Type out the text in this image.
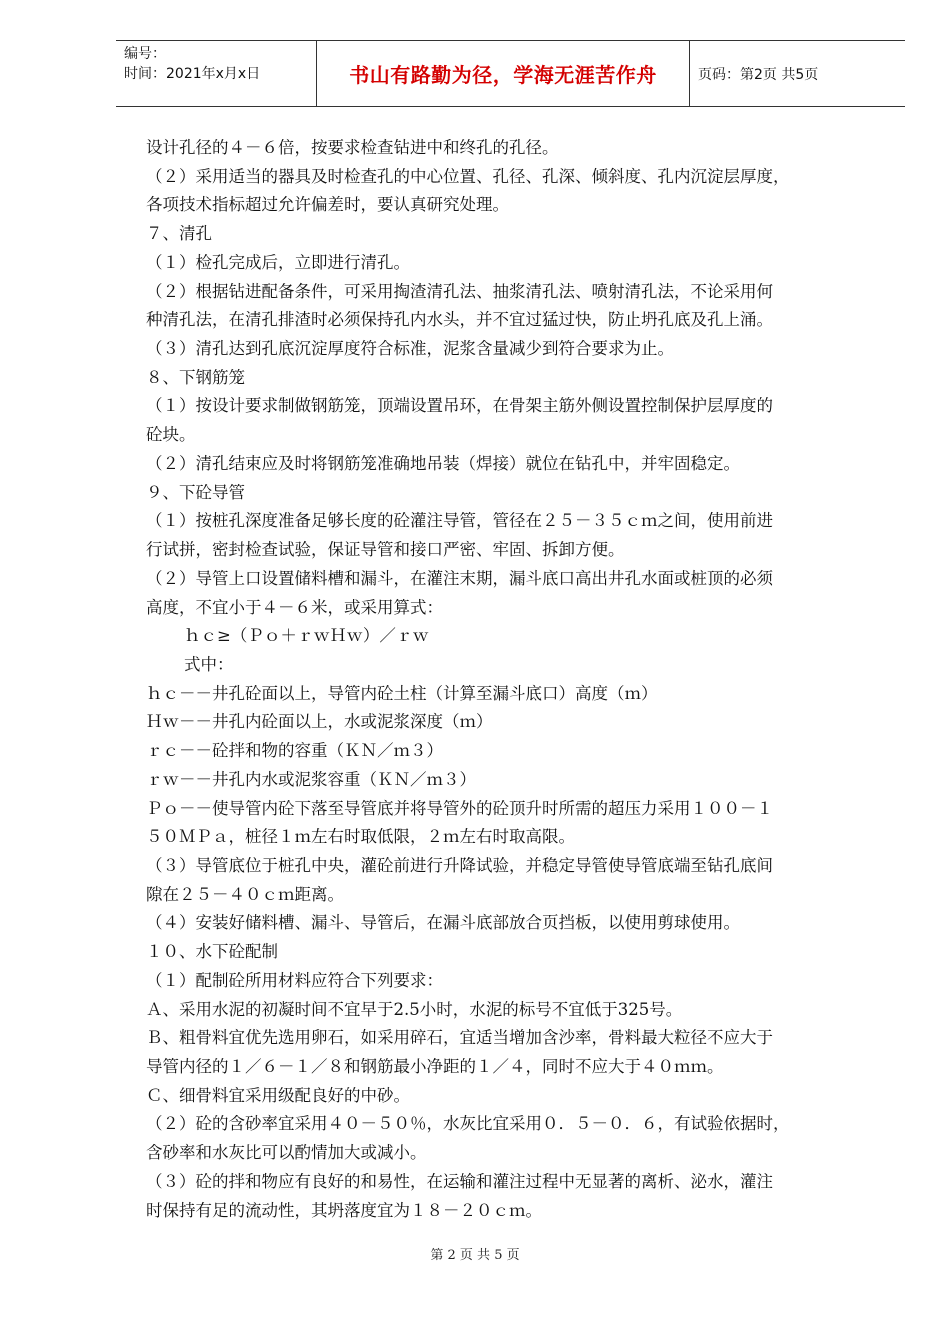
编号：
时间：2021年x月x日	书山有路勤为径，学海无涯苦作舟	页码：第2页 共5页
设计孔径的４－６倍，按要求检查钻进中和终孔的孔径。
（２）采用适当的器具及时检查孔的中心位置、孔径、孔深、倾斜度、孔内沉淀层厚度，
各项技术指标超过允许偏差时，要认真研究处理。
７、清孔
（１）检孔完成后，立即进行清孔。
（２）根据钻进配备条件，可采用掏渣清孔法、抽浆清孔法、喷射清孔法，不论采用何
种清孔法，在清孔排渣时必须保持孔内水头，并不宜过猛过快，防止坍孔底及孔上涌。
（３）清孔达到孔底沉淀厚度符合标准，泥浆含量减少到符合要求为止。
８、下钢筋笼
（１）按设计要求制做钢筋笼，顶端设置吊环，在骨架主筋外侧设置控制保护层厚度的
砼块。
（２）清孔结束应及时将钢筋笼准确地吊装（焊接）就位在钻孔中，并牢固稳定。
９、下砼导管
（１）按桩孔深度准备足够长度的砼灌注导管，管径在２５－３５ｃｍ之间，使用前进
行试拼，密封检查试验，保证导管和接口严密、牢固、拆卸方便。
（２）导管上口设置储料槽和漏斗，在灌注末期，漏斗底口高出井孔水面或桩顶的必须
高度，不宜小于４－６米，或采用算式：
ｈｃ≥（Ｐｏ＋ｒｗＨｗ）／ｒｗ
式中：
ｈｃ－－井孔砼面以上，导管内砼土柱（计算至漏斗底口）高度（ｍ）
Ｈｗ－－井孔内砼面以上，水或泥浆深度（ｍ）
ｒｃ－－砼拌和物的容重（ＫＮ／ｍ３）
ｒｗ－－井孔内水或泥浆容重（ＫＮ／ｍ３）
Ｐｏ－－使导管内砼下落至导管底并将导管外的砼顶升时所需的超压力采用１００－１
５０ＭＰａ，桩径１ｍ左右时取低限，２ｍ左右时取高限。
（３）导管底位于桩孔中央，灌砼前进行升降试验，并稳定导管使导管底端至钻孔底间
隙在２５－４０ｃｍ距离。
（４）安装好储料槽、漏斗、导管后，在漏斗底部放合页挡板，以使用剪球使用。
１０、水下砼配制
（１）配制砼所用材料应符合下列要求：
Ａ、采用水泥的初凝时间不宜早于2.5小时，水泥的标号不宜低于325号。
Ｂ、粗骨料宜优先选用卵石，如采用碎石，宜适当增加含沙率，骨料最大粒径不应大于
导管内径的１／６－１／８和钢筋最小净距的１／４，同时不应大于４０ｍｍ。
Ｃ、细骨料宜采用级配良好的中砂。
（２）砼的含砂率宜采用４０－５０％，水灰比宜采用０．５－０．６，有试验依据时，
含砂率和水灰比可以酌情加大或减小。
（３）砼的拌和物应有良好的和易性，在运输和灌注过程中无显著的离析、泌水，灌注
时保持有足的流动性，其坍落度宜为１８－２０ｃｍ。
第 2 页 共 5 页
